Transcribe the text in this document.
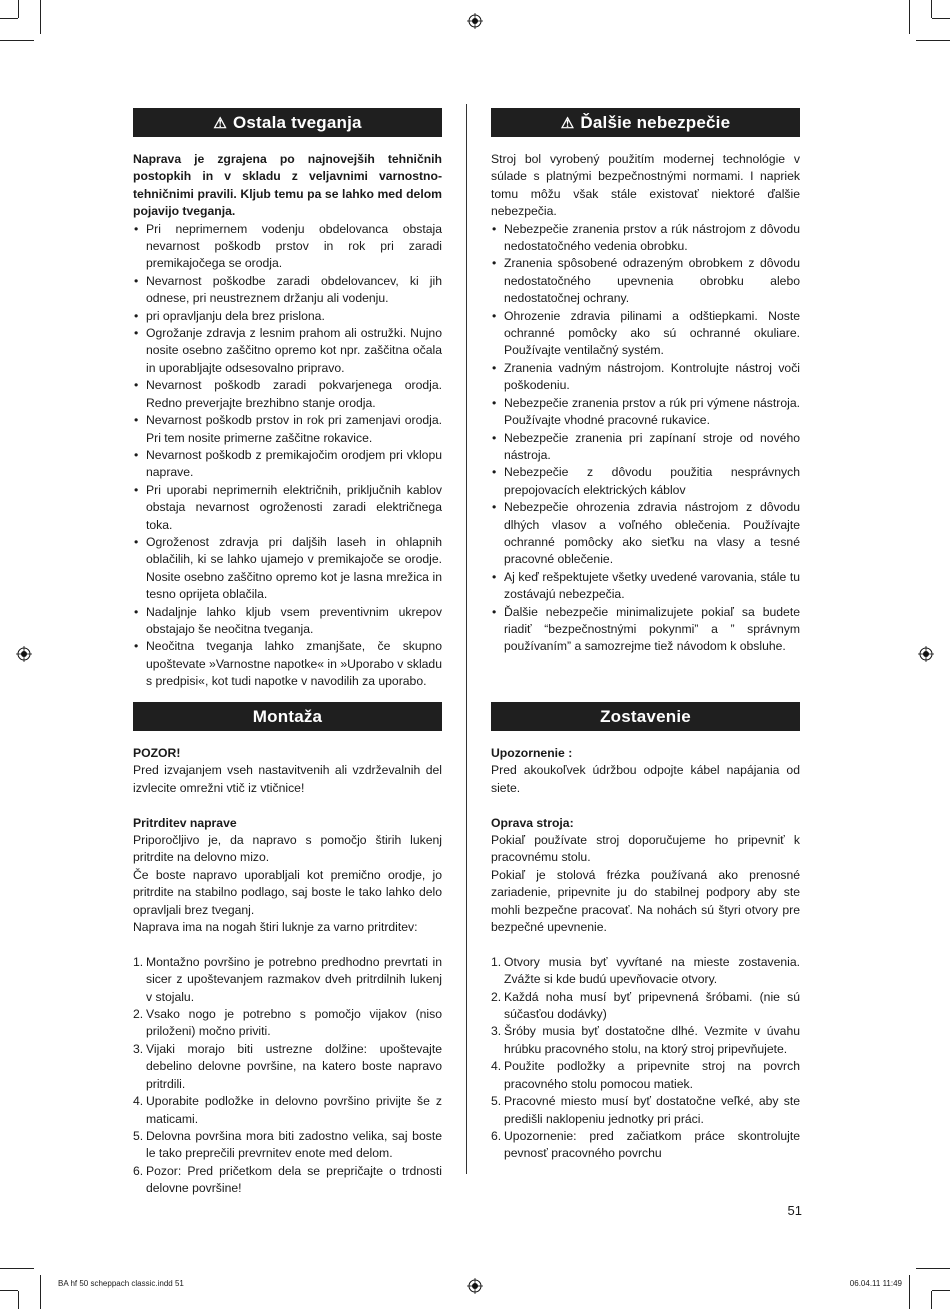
⚠ Ostala tveganja
Naprava je zgrajena po najnovejših tehničnih postopkih in v skladu z veljavnimi varnostno- tehničnimi pravili. Kljub temu pa se lahko med delom pojavijo tveganja.
• Pri neprimernem vodenju obdelovanca obstaja nevarnost poškodb prstov in rok pri zaradi premikajočega se orodja.
• Nevarnost poškodbe zaradi obdelovancev, ki jih odnese, pri neustreznem držanju ali vodenju.
• pri opravljanju dela brez prislona.
• Ogrožanje zdravja z lesnim prahom ali ostružki. Nujno nosite osebno zaščitno opremo kot npr. zaščitna očala in uporabljajte odsesovalno pripravo.
• Nevarnost poškodb zaradi pokvarjenega orodja. Redno preverjajte brezhibno stanje orodja.
• Nevarnost poškodb prstov in rok pri zamenjavi orodja. Pri tem nosite primerne zaščitne rokavice.
• Nevarnost poškodb z premikajočim orodjem pri vklopu naprave.
• Pri uporabi neprimernih električnih, priključnih kablov obstaja nevarnost ogroženosti zaradi električnega toka.
• Ogroženost zdravja pri daljših laseh in ohlapnih oblačilih, ki se lahko ujamejo v premikajoče se orodje. Nosite osebno zaščitno opremo kot je lasna mrežica in tesno oprijeta oblačila.
• Nadaljnje lahko kljub vsem preventivnim ukrepov obstajajo še neočitna tveganja.
• Neočitna tveganja lahko zmanjšate, če skupno upoštevate »Varnostne napotke« in »Uporabo v skladu s predpisi«, kot tudi napotke v navodilih za uporabo.
⚠ Ďalšie nebezpečie
Stroj bol vyrobený použitím modernej technológie v súlade s platnými bezpečnostnými normami. I napriek tomu môžu však stále existovať niektoré ďalšie nebezpečia.
• Nebezpečie zranenia prstov a rúk nástrojom z dôvodu nedostatočného vedenia obrobku.
• Zranenia spôsobené odrazeným obrobkem z dôvodu nedostatočného upevnenia obrobku alebo nedostatočnej ochrany.
• Ohrozenie zdravia pilinami a odštiepkami. Noste ochranné pomôcky ako sú ochranné okuliare. Používajte ventilačný systém.
• Zranenia vadným nástrojom. Kontrolujte nástroj voči poškodeniu.
• Nebezpečie zranenia prstov a rúk pri výmene nástroja. Používajte vhodné pracovné rukavice.
• Nebezpečie zranenia pri zapínaní stroje od nového nástroja.
• Nebezpečie z dôvodu použitia nesprávnych prepojovacích elektrických káblov
• Nebezpečie ohrozenia zdravia nástrojom z dôvodu dlhých vlasov a voľného oblečenia. Používajte ochranné pomôcky ako sieťku na vlasy a tesné pracovné oblečenie.
• Aj keď rešpektujete všetky uvedené varovania, stále tu zostávajú nebezpečia.
• Ďalšie nebezpečie minimalizujete pokiaľ sa budete riadiť “bezpečnostnými pokynmi” a ” správnym používaním” a samozrejme tiež návodom k obsluhe.
Montaža
POZOR!
Pred izvajanjem vseh nastavitvenih ali vzdrževalnih del izvlecite omrežni vtič iz vtičnice!
Pritrditev naprave
Priporočljivo je, da napravo s pomočjo štirih lukenj pritrdite na delovno mizo.
Če boste napravo uporabljali kot premično orodje, jo pritrdite na stabilno podlago, saj boste le tako lahko delo opravljali brez tveganj.
Naprava ima na nogah štiri luknje za varno pritrditev:
1. Montažno površino je potrebno predhodno prevrtati in sicer z upoštevanjem razmakov dveh pritrdilnih lukenj v stojalu.
2. Vsako nogo je potrebno s pomočjo vijakov (niso priloženi) močno priviti.
3. Vijaki morajo biti ustrezne dolžine: upoštevajte debelino delovne površine, na katero boste napravo pritrdili.
4. Uporabite podložke in delovno površino privijte še z maticami.
5. Delovna površina mora biti zadostno velika, saj boste le tako preprečili prevrnitev enote med delom.
6. Pozor: Pred pričetkom dela se prepričajte o trdnosti delovne površine!
Zostavenie
Upozornenie :
Pred akoukoľvek údržbou odpojte kábel napájania od siete.
Oprava stroja:
Pokiaľ používate stroj doporučujeme ho pripevniť k pracovnému stolu.
Pokiaľ je stolová frézka používaná ako prenosné zariadenie, pripevnite ju do stabilnej podpory aby ste mohli bezpečne pracovať. Na nohách sú štyri otvory pre bezpečné upevnenie.
1. Otvory musia byť vyvŕtané na mieste zostavenia. Zvážte si kde budú upevňovacie otvory.
2. Každá noha musí byť pripevnená šróbami. (nie sú súčasťou dodávky)
3. Šróby musia byť dostatočne dlhé. Vezmite v úvahu hrúbku pracovného stolu, na ktorý stroj pripevňujete.
4. Použite podložky a pripevnite stroj na povrch pracovného stolu pomocou matiek.
5. Pracovné miesto musí byť dostatočne veľké, aby ste predišli naklopeniu jednotky pri práci.
6. Upozornenie: pred začiatkom práce skontrolujte pevnosť pracovného povrchu
51
BA hf 50 scheppach classic.indd 51	06.04.11 11:49
